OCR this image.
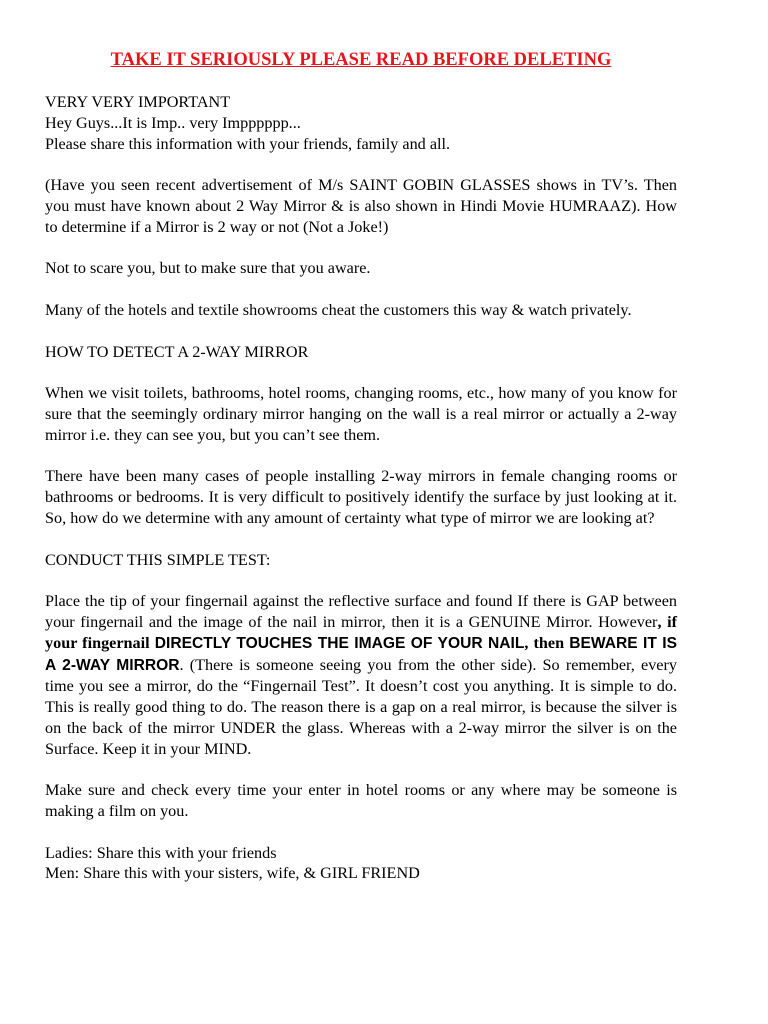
TAKE IT SERIOUSLY PLEASE READ BEFORE DELETING
VERY VERY IMPORTANT
Hey Guys...It is Imp.. very Impppppp...
Please share this information with your friends, family and all.

(Have you seen recent advertisement of M/s SAINT GOBIN GLASSES shows in TV’s. Then you must have known about 2 Way Mirror & is also shown in Hindi Movie HUMRAAZ). How to determine if a Mirror is 2 way or not (Not a Joke!)

Not to scare you, but to make sure that you aware.

Many of the hotels and textile showrooms cheat the customers this way & watch privately.

HOW TO DETECT A 2-WAY MIRROR

When we visit toilets, bathrooms, hotel rooms, changing rooms, etc., how many of you know for sure that the seemingly ordinary mirror hanging on the wall is a real mirror or actually a 2-way mirror i.e. they can see you, but you can’t see them.

There have been many cases of people installing 2-way mirrors in female changing rooms or bathrooms or bedrooms. It is very difficult to positively identify the surface by just looking at it. So, how do we determine with any amount of certainty what type of mirror we are looking at?

CONDUCT THIS SIMPLE TEST:

Place the tip of your fingernail against the reflective surface and found If there is GAP between your fingernail and the image of the nail in mirror, then it is a GENUINE Mirror. However, if your fingernail DIRECTLY TOUCHES THE IMAGE OF YOUR NAIL, then BEWARE IT IS A 2-WAY MIRROR. (There is someone seeing you from the other side). So remember, every time you see a mirror, do the “Fingernail Test”. It doesn’t cost you anything. It is simple to do. This is really good thing to do. The reason there is a gap on a real mirror, is because the silver is on the back of the mirror UNDER the glass. Whereas with a 2-way mirror the silver is on the Surface. Keep it in your MIND.

Make sure and check every time your enter in hotel rooms or any where may be someone is making a film on you.

Ladies: Share this with your friends
Men: Share this with your sisters, wife, & GIRL FRIEND
